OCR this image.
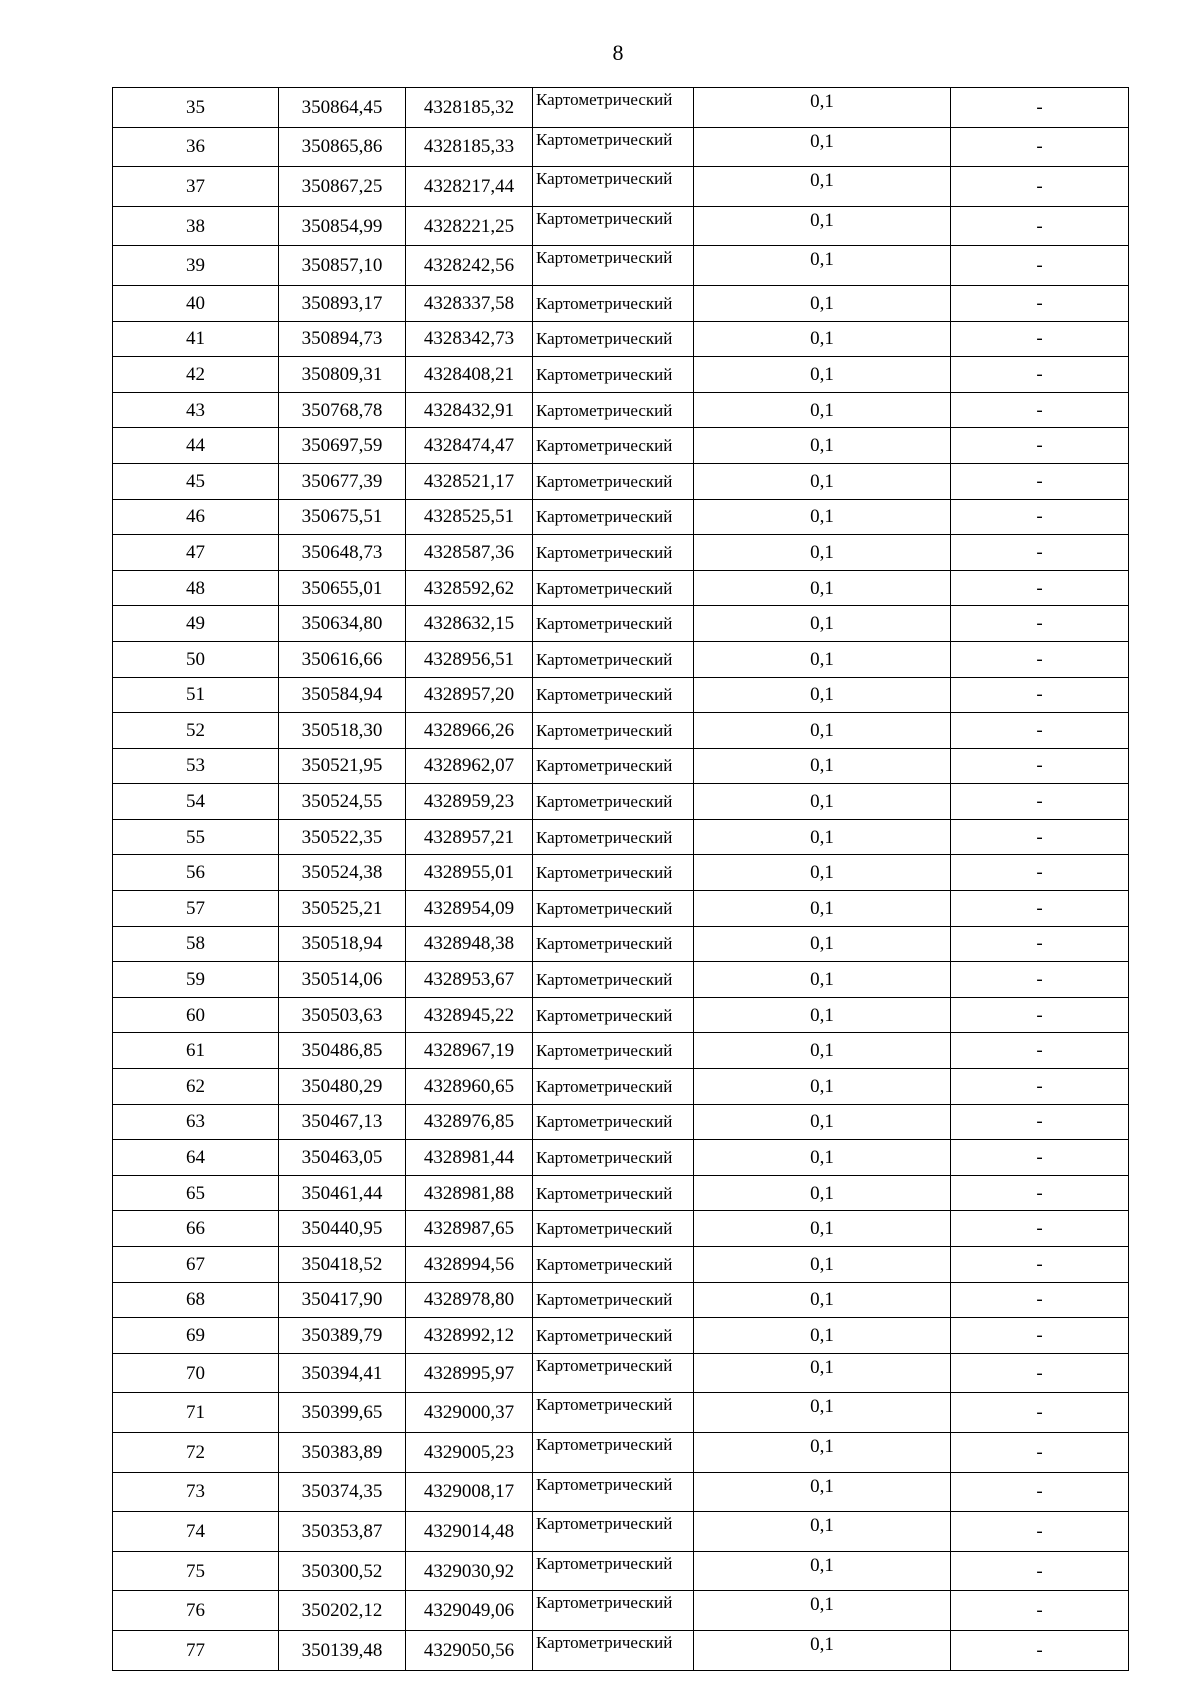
8
35	350864,45	4328185,32	Картометрический	0,1	-
36	350865,86	4328185,33	Картометрический	0,1	-
37	350867,25	4328217,44	Картометрический	0,1	-
38	350854,99	4328221,25	Картометрический	0,1	-
39	350857,10	4328242,56	Картометрический	0,1	-
40	350893,17	4328337,58	Картометрический	0,1	-
41	350894,73	4328342,73	Картометрический	0,1	-
42	350809,31	4328408,21	Картометрический	0,1	-
43	350768,78	4328432,91	Картометрический	0,1	-
44	350697,59	4328474,47	Картометрический	0,1	-
45	350677,39	4328521,17	Картометрический	0,1	-
46	350675,51	4328525,51	Картометрический	0,1	-
47	350648,73	4328587,36	Картометрический	0,1	-
48	350655,01	4328592,62	Картометрический	0,1	-
49	350634,80	4328632,15	Картометрический	0,1	-
50	350616,66	4328956,51	Картометрический	0,1	-
51	350584,94	4328957,20	Картометрический	0,1	-
52	350518,30	4328966,26	Картометрический	0,1	-
53	350521,95	4328962,07	Картометрический	0,1	-
54	350524,55	4328959,23	Картометрический	0,1	-
55	350522,35	4328957,21	Картометрический	0,1	-
56	350524,38	4328955,01	Картометрический	0,1	-
57	350525,21	4328954,09	Картометрический	0,1	-
58	350518,94	4328948,38	Картометрический	0,1	-
59	350514,06	4328953,67	Картометрический	0,1	-
60	350503,63	4328945,22	Картометрический	0,1	-
61	350486,85	4328967,19	Картометрический	0,1	-
62	350480,29	4328960,65	Картометрический	0,1	-
63	350467,13	4328976,85	Картометрический	0,1	-
64	350463,05	4328981,44	Картометрический	0,1	-
65	350461,44	4328981,88	Картометрический	0,1	-
66	350440,95	4328987,65	Картометрический	0,1	-
67	350418,52	4328994,56	Картометрический	0,1	-
68	350417,90	4328978,80	Картометрический	0,1	-
69	350389,79	4328992,12	Картометрический	0,1	-
70	350394,41	4328995,97	Картометрический	0,1	-
71	350399,65	4329000,37	Картометрический	0,1	-
72	350383,89	4329005,23	Картометрический	0,1	-
73	350374,35	4329008,17	Картометрический	0,1	-
74	350353,87	4329014,48	Картометрический	0,1	-
75	350300,52	4329030,92	Картометрический	0,1	-
76	350202,12	4329049,06	Картометрический	0,1	-
77	350139,48	4329050,56	Картометрический	0,1	-
